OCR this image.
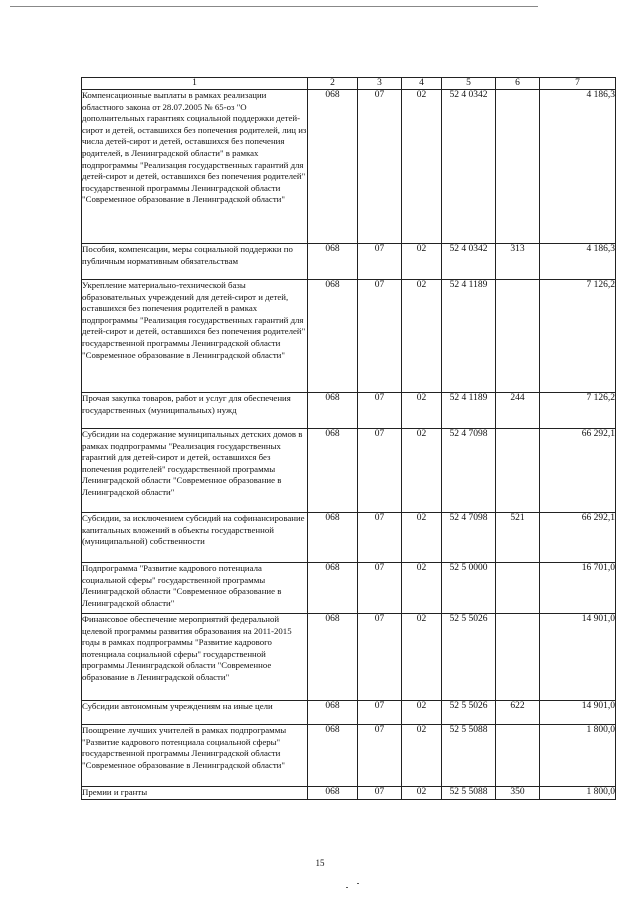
1	2	3	4	5	6	7
Компенсационные выплаты в рамках реализации областного закона от 28.07.2005 № 65-оз "О дополнительных гарантиях социальной поддержки детей-сирот и детей, оставшихся без попечения родителей, лиц из числа детей-сирот и детей, оставшихся без попечения родителей, в Ленинградской области" в рамках подпрограммы "Реализация государственных гарантий для детей-сирот и детей, оставшихся без попечения родителей" государственной программы Ленинградской области "Современное образование в Ленинградской области"	068	07	02	52 4 0342		4 186,3
Пособия, компенсации, меры социальной поддержки по публичным нормативным обязательствам	068	07	02	52 4 0342	313	4 186,3
Укрепление материально-технической базы образовательных учреждений для детей-сирот и детей, оставшихся без попечения родителей в рамках подпрограммы "Реализация государственных гарантий для детей-сирот и детей, оставшихся без попечения родителей" государственной программы Ленинградской области "Современное образование в Ленинградской области"	068	07	02	52 4 1189		7 126,2
Прочая закупка товаров, работ и услуг для обеспечения государственных (муниципальных) нужд	068	07	02	52 4 1189	244	7 126,2
Субсидии на содержание муниципальных детских домов в рамках подпрограммы "Реализация государственных гарантий для детей-сирот и детей, оставшихся без попечения родителей" государственной программы Ленинградской области "Современное образование в Ленинградской области"	068	07	02	52 4 7098		66 292,1
Субсидии, за исключением субсидий на софинансирование капитальных вложений в объекты государственной (муниципальной) собственности	068	07	02	52 4 7098	521	66 292,1
Подпрограмма "Развитие кадрового потенциала социальной сферы" государственной программы Ленинградской области "Современное образование в Ленинградской области"	068	07	02	52 5 0000		16 701,0
Финансовое обеспечение мероприятий федеральной целевой программы развития образования на 2011-2015 годы в рамках подпрограммы "Развитие кадрового потенциала социальной сферы" государственной программы Ленинградской области "Современное образование в Ленинградской области"	068	07	02	52 5 5026		14 901,0
Субсидии автономным учреждениям на иные цели	068	07	02	52 5 5026	622	14 901,0
Поощрение лучших учителей в рамках подпрограммы "Развитие кадрового потенциала социальной сферы" государственной программы Ленинградской области "Современное образование в Ленинградской области"	068	07	02	52 5 5088		1 800,0
Премии и гранты	068	07	02	52 5 5088	350	1 800,0
15
